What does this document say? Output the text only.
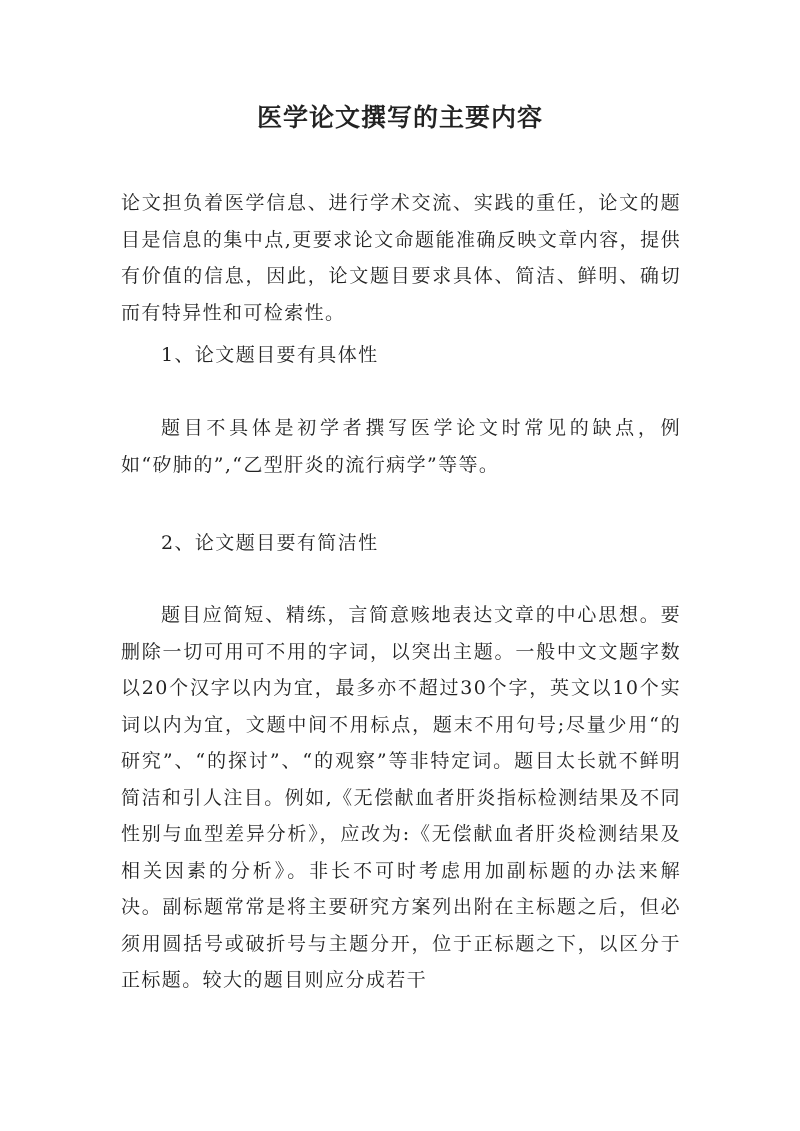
医学论文撰写的主要内容

论文担负着医学信息、进行学术交流、实践的重任，论文的题目是信息的集中点,更要求论文命题能准确反映文章内容，提供有价值的信息，因此，论文题目要求具体、简洁、鲜明、确切而有特异性和可检索性。

1、论文题目要有具体性

题目不具体是初学者撰写医学论文时常见的缺点，例如“矽肺的”,“乙型肝炎的流行病学”等等。

2、论文题目要有简洁性

题目应简短、精练，言简意赅地表达文章的中心思想。要删除一切可用可不用的字词，以突出主题。一般中文文题字数以20个汉字以内为宜，最多亦不超过30个字，英文以10个实词以内为宜，文题中间不用标点，题末不用句号;尽量少用“的研究”、“的探讨”、“的观察”等非特定词。题目太长就不鲜明简洁和引人注目。例如,《无偿献血者肝炎指标检测结果及不同性别与血型差异分析》，应改为:《无偿献血者肝炎检测结果及相关因素的分析》。非长不可时考虑用加副标题的办法来解决。副标题常常是将主要研究方案列出附在主标题之后，但必须用圆括号或破折号与主题分开，位于正标题之下，以区分于正标题。较大的题目则应分成若干
